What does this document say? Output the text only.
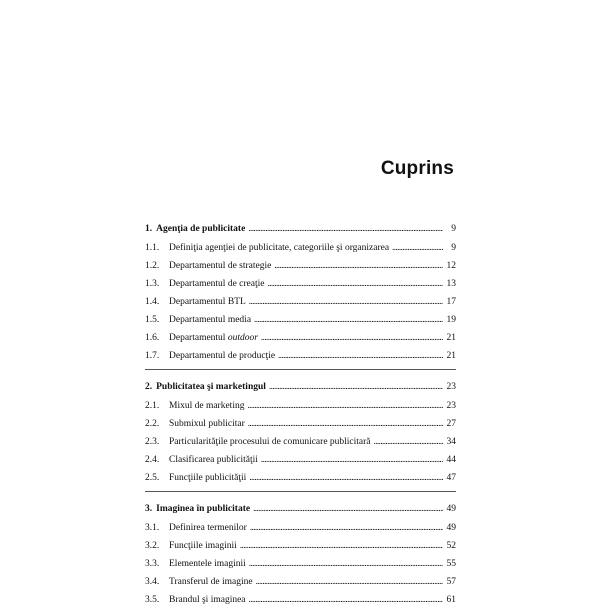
Cuprins
1. Agenţia de publicitate . . .	9
1.1.	Definiţia agenţiei de publicitate, categoriile şi organizarea . . .	9
1.2.	Departamentul de strategie . . .	12
1.3.	Departamentul de creaţie . . .	13
1.4.	Departamentul BTL . . .	17
1.5.	Departamentul media . . .	19
1.6.	Departamentul outdoor . . .	21
1.7.	Departamentul de producţie . . .	21
2. Publicitatea şi marketingul . . .	23
2.1.	Mixul de marketing . . .	23
2.2.	Submixul publicitar . . .	27
2.3.	Particularităţile procesului de comunicare publicitară . . .	34
2.4.	Clasificarea publicităţii . . .	44
2.5.	Funcţiile publicităţii . . .	47
3. Imaginea în publicitate . . .	49
3.1.	Definirea termenilor . . .	49
3.2.	Funcţiile imaginii . . .	52
3.3.	Elementele imaginii . . .	55
3.4.	Transferul de imagine . . .	57
3.5.	Brandul şi imaginea . . .	61
